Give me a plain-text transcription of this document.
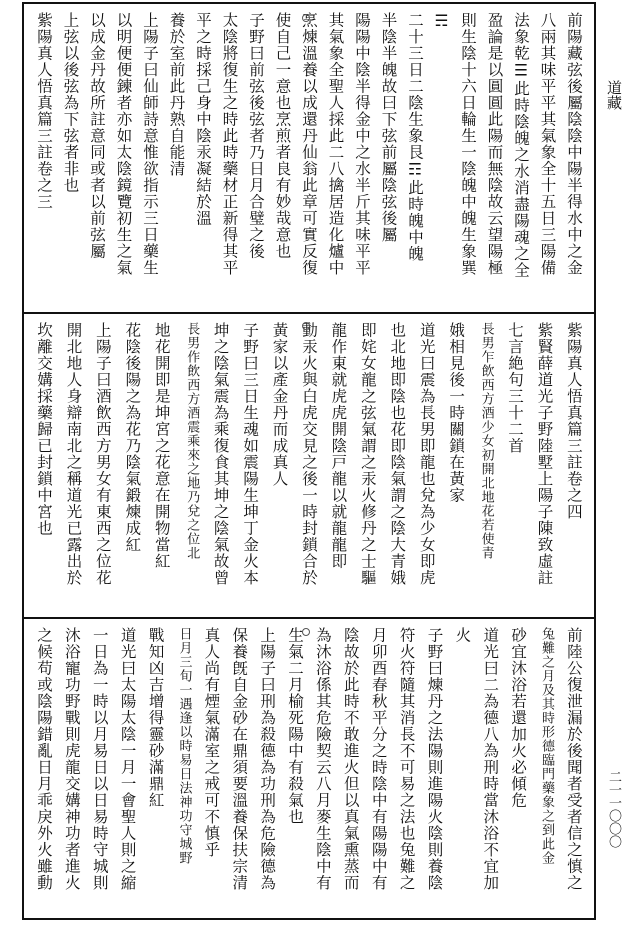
前陽藏弦後屬陰陰中陽半得水中之金
八兩其味平平其氣象全十五日三陽備
法象乾☰此時陰魄之水消盡陽魂之全
盈論是以圓圓此陽而無陰故云望陽極
則生陰十六日輪生一陰魄中魄生象巽
☴
二十三日二陰生象艮☶此時魄中魄
半陰半魄故曰下弦前屬陰弦後屬
陽陽中陰半得金中之水半斤其味平平
其氣象全聖人採此二八擒居造化爐中
烹煉溫養以成還丹仙翁此章可實反復
使自己一意也烹煎者良有妙哉意也
子野曰前弦後弦者乃日月合璧之後
太陰將復生之時此時藥材正新得其平
平之時採己身中陰汞凝結於溫
養於室前此丹熟自能清
上陽子曰仙師詩意惟欲指示三日藥生
以明便便鍊者亦如太陰鏡覽初生之氣
以成金丹故所註意同或者以前弦屬
上弦以後弦為下弦者非也
紫陽真人悟真篇三註卷之三
紫陽真人悟真篇三註卷之四
紫賢薛道光子野陸墅上陽子陳致虛註
七言絶句三十二首
長男乍飲西方酒少女初開北地花若使青
娥相見後一時關鎖在黃家
道光曰震為長男即龍也兌為少女即虎
也北地即陰也花即陰氣謂之陰大青娥
即姹女龍之弦氣謂之汞火修丹之士驅
龍作東就虎虎開陰戸龍以就龍龍即
動汞火與白虎交見之後一時封鎖合於
黃家以產金丹而成真人
子野曰三日生魂如震陽生坤丁金火本
坤之陰氣震為乘復食其坤之陰氣故曾
長男作飲西方酒震乘來之地乃兌之位北
地花開即是坤宮之花意在開物當紅
花陰後陽之為花乃陰氣鍛煉成紅
上陽子曰酒飲西方男女有東西之位花
開北地人身辯南北之稱道光已露出於
坎離交媾採藥歸已封鎖中宮也
前陸公復泄漏於後聞者受者信之慎之
兔難之月及其時形德臨門藥象之到此金
砂宜沐浴若還加火必傾危
道光曰二為德八為刑時當沐浴不宜加
火
子野曰煉丹之法陽則進陽火陰則養陰
符火符隨其消長不可易之法也兔難之
月卯酉春秋平分之時陰中有陽陽中有
陰故於此時不敢進火但以真氣熏蒸而
為沐浴係其危險契云八月麥生陰中有
生氣二月榆死陽中有殺氣也
上陽子曰刑為殺德為功刑為危險德為
保養旣自金砂在鼎須要溫養保扶宗清
真人尚有煙氣滿室之戒可不慎乎
日月三旬一遇逢以時易日法神功守城野
戰知凶吉增得靈砂滿鼎紅
道光曰太陽太陰一月一會聖人則之縮
一日為一時以月易日以日易時守城則
沐浴寵功野戰則虎龍交媾神功者進火
之候苟或陰陽錯亂日月乖戾外火雖動
道藏
二一一〇〇〇
